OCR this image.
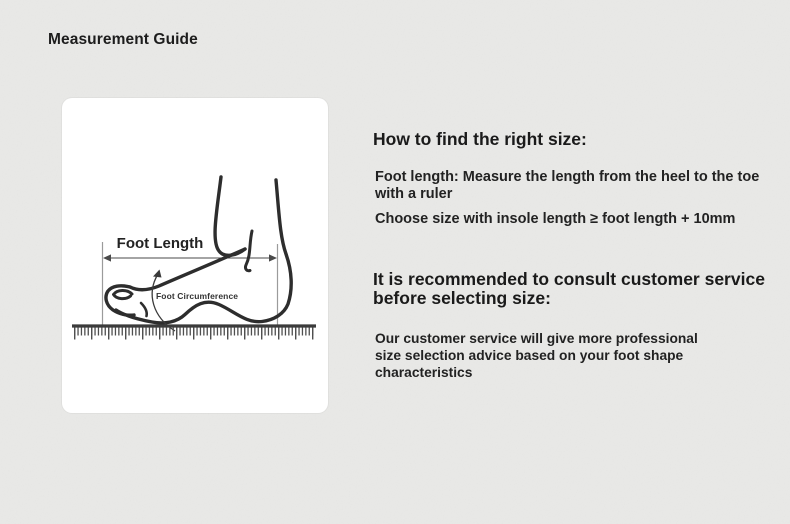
Measurement Guide
Foot Length
Foot Circumference
How to find the right size:
Foot length: Measure the length from the heel to the toe with a ruler
Choose size with insole length ≥ foot length + 10mm
It is recommended to consult customer service before selecting size:
Our customer service will give more professional size selection advice based on your foot shape characteristics
